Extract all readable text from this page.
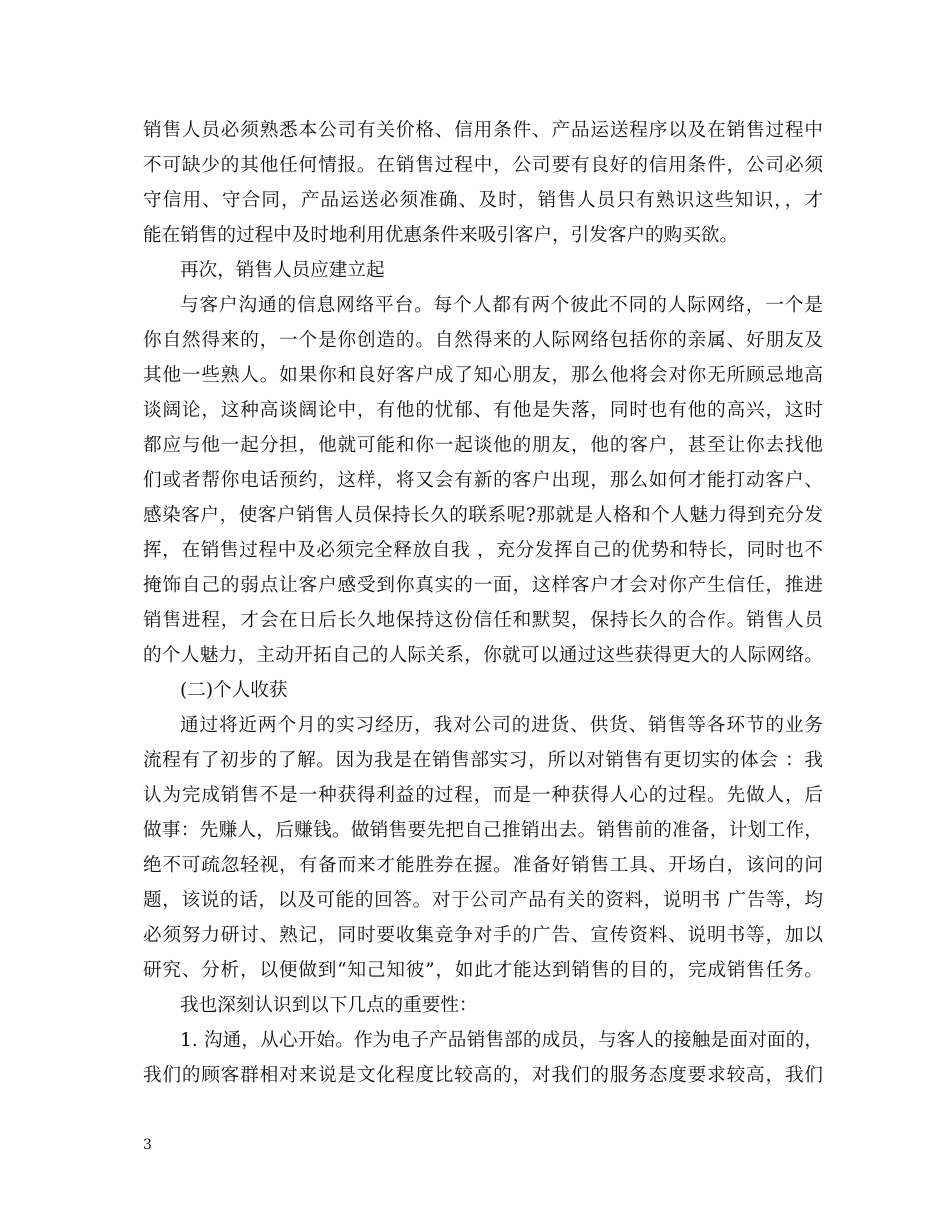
销售人员必须熟悉本公司有关价格、信用条件、产品运送程序以及在销售过程中
不可缺少的其他任何情报。在销售过程中，公司要有良好的信用条件，公司必须
守信用、守合同，产品运送必须准确、及时，销售人员只有熟识这些知识，，才
能在销售的过程中及时地利用优惠条件来吸引客户，引发客户的购买欲。
再次，销售人员应建立起
与客户沟通的信息网络平台。每个人都有两个彼此不同的人际网络，一个是
你自然得来的，一个是你创造的。自然得来的人际网络包括你的亲属、好朋友及
其他一些熟人。如果你和良好客户成了知心朋友，那么他将会对你无所顾忌地高
谈阔论，这种高谈阔论中，有他的忧郁、有他是失落，同时也有他的高兴，这时
都应与他一起分担，他就可能和你一起谈他的朋友，他的客户，甚至让你去找他
们或者帮你电话预约，这样，将又会有新的客户出现，那么如何才能打动客户、
感染客户，使客户销售人员保持长久的联系呢?那就是人格和个人魅力得到充分发
挥，在销售过程中及必须完全释放自我 ，充分发挥自己的优势和特长，同时也不
掩饰自己的弱点让客户感受到你真实的一面，这样客户才会对你产生信任，推进
销售进程，才会在日后长久地保持这份信任和默契，保持长久的合作。销售人员
的个人魅力，主动开拓自己的人际关系，你就可以通过这些获得更大的人际网络。
(二)个人收获
通过将近两个月的实习经历，我对公司的进货、供货、销售等各环节的业务
流程有了初步的了解。因为我是在销售部实习，所以对销售有更切实的体会 ：我
认为完成销售不是一种获得利益的过程，而是一种获得人心的过程。先做人，后
做事：先赚人，后赚钱。做销售要先把自己推销出去。销售前的准备，计划工作，
绝不可疏忽轻视，有备而来才能胜券在握。准备好销售工具、开场白，该问的问
题，该说的话，以及可能的回答。对于公司产品有关的资料，说明书 广告等，均
必须努力研讨、熟记，同时要收集竞争对手的广告、宣传资料、说明书等，加以
研究、分析，以便做到“知己知彼”，如此才能达到销售的目的，完成销售任务。
我也深刻认识到以下几点的重要性：
1. 沟通，从心开始。作为电子产品销售部的成员，与客人的接触是面对面的，
我们的顾客群相对来说是文化程度比较高的，对我们的服务态度要求较高，我们
3
